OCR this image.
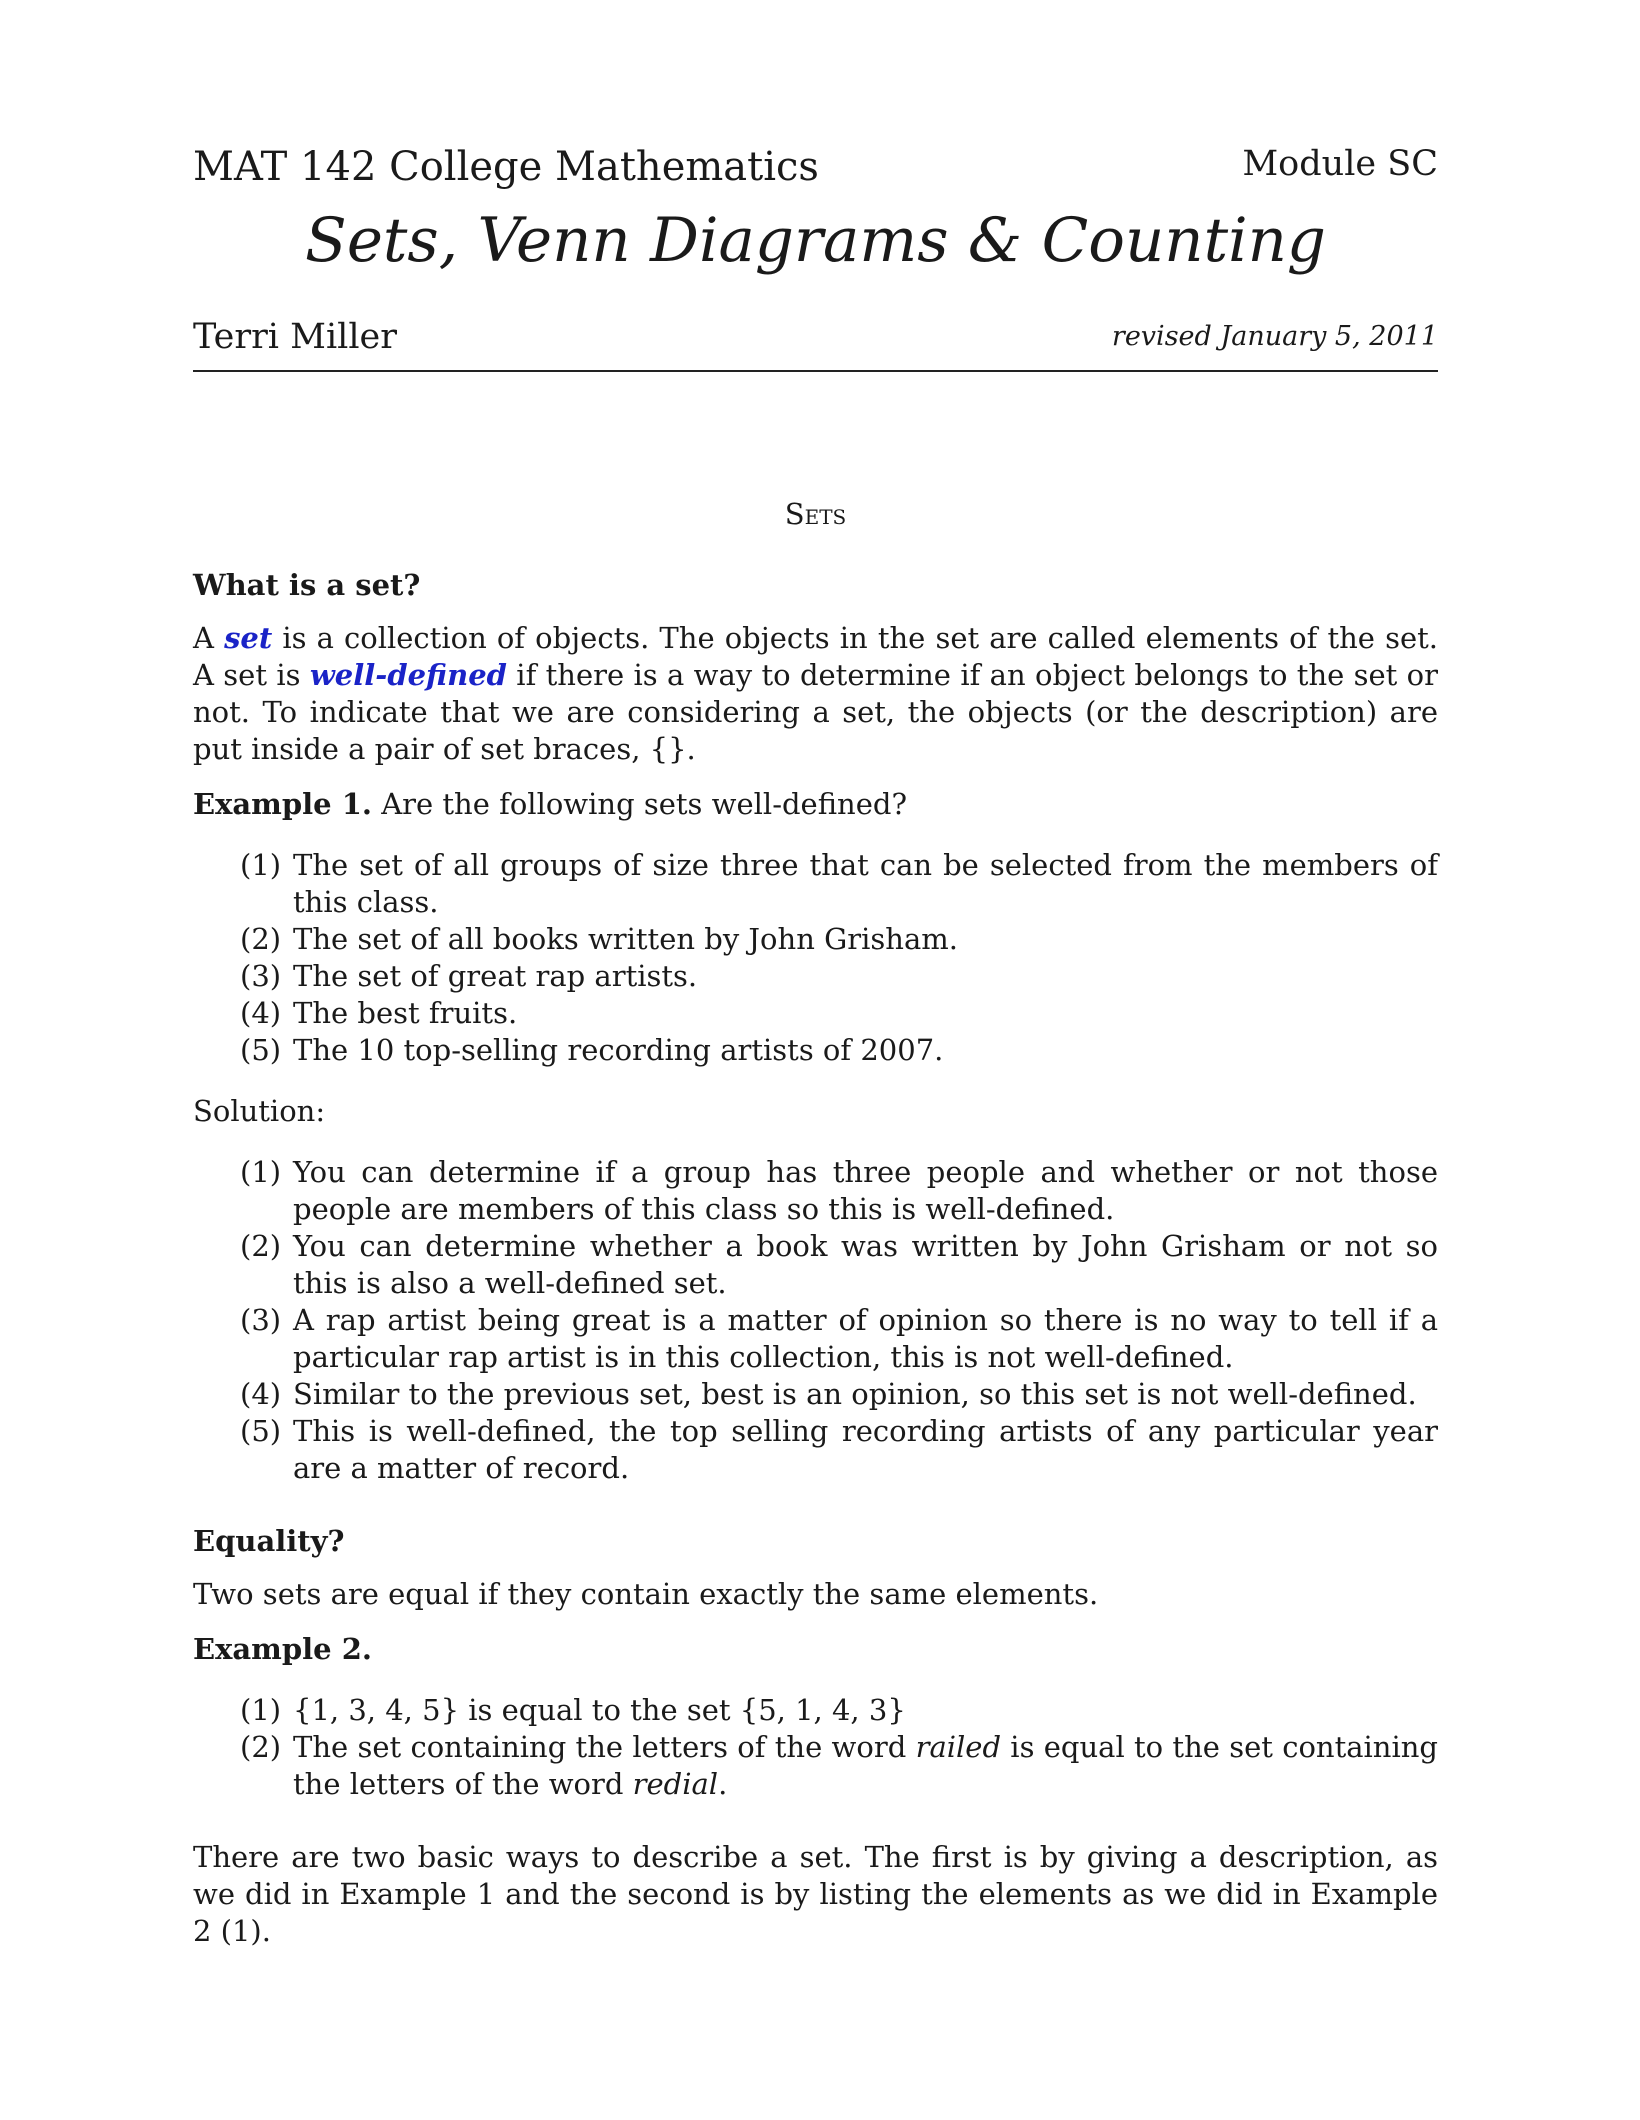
MAT 142 College Mathematics	Module SC
Sets, Venn Diagrams & Counting
Terri Miller	revised January 5, 2011
Sets
What is a set?

A set is a collection of objects. The objects in the set are called elements of the set. A set is well-defined if there is a way to determine if an object belongs to the set or not. To indicate that we are considering a set, the objects (or the description) are put inside a pair of set braces, {}.

Example 1. Are the following sets well-defined?

(1) The set of all groups of size three that can be selected from the members of this class.
(2) The set of all books written by John Grisham.
(3) The set of great rap artists.
(4) The best fruits.
(5) The 10 top-selling recording artists of 2007.

Solution:

(1) You can determine if a group has three people and whether or not those people are members of this class so this is well-defined.
(2) You can determine whether a book was written by John Grisham or not so this is also a well-defined set.
(3) A rap artist being great is a matter of opinion so there is no way to tell if a particular rap artist is in this collection, this is not well-defined.
(4) Similar to the previous set, best is an opinion, so this set is not well-defined.
(5) This is well-defined, the top selling recording artists of any particular year are a matter of record.
Equality?

Two sets are equal if they contain exactly the same elements.

Example 2.
(1) {1, 3, 4, 5} is equal to the set {5, 1, 4, 3}
(2) The set containing the letters of the word railed is equal to the set containing the letters of the word redial.

There are two basic ways to describe a set. The first is by giving a description, as we did in Example 1 and the second is by listing the elements as we did in Example 2 (1).
